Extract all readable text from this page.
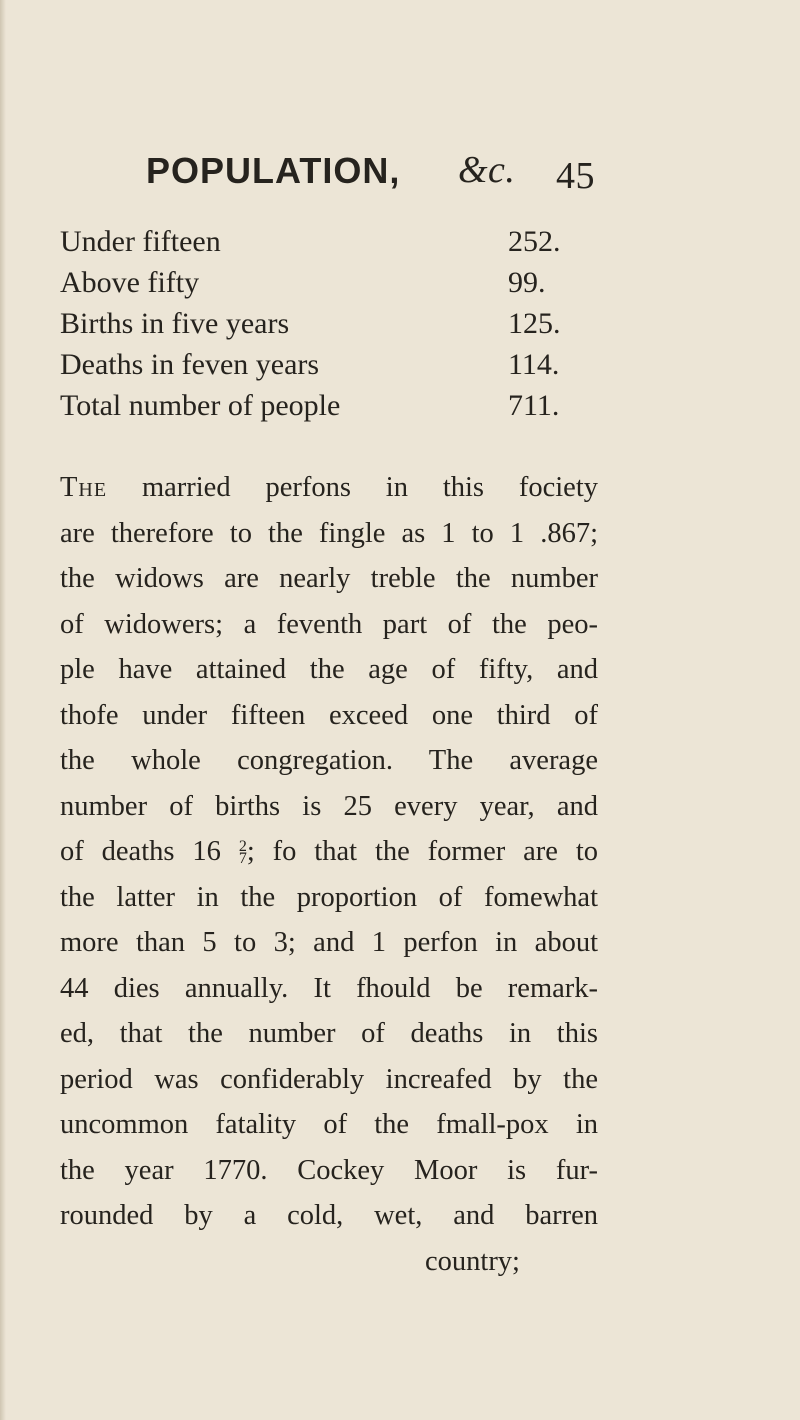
POPULATION, &c. 45
Under fifteen	252.
Above fifty	99.
Births in five years	125.
Deaths in feven years	114.
Total number of people	711.
The married perfons in this fociety
are therefore to the fingle as 1 to 1 .867;
the widows are nearly treble the number
of widowers; a feventh part of the peo-
ple have attained the age of fifty, and
thofe under fifteen exceed one third of
the whole congregation. The average
number of births is 25 every year, and
of deaths 16 2
7; fo that the former are to
the latter in the proportion of fomewhat
more than 5 to 3; and 1 perfon in about
44 dies annually. It fhould be remark-
ed, that the number of deaths in this
period was confiderably increafed by the
uncommon fatality of the fmall-pox in
the year 1770. Cockey Moor is fur-
rounded by a cold, wet, and barren
country;
